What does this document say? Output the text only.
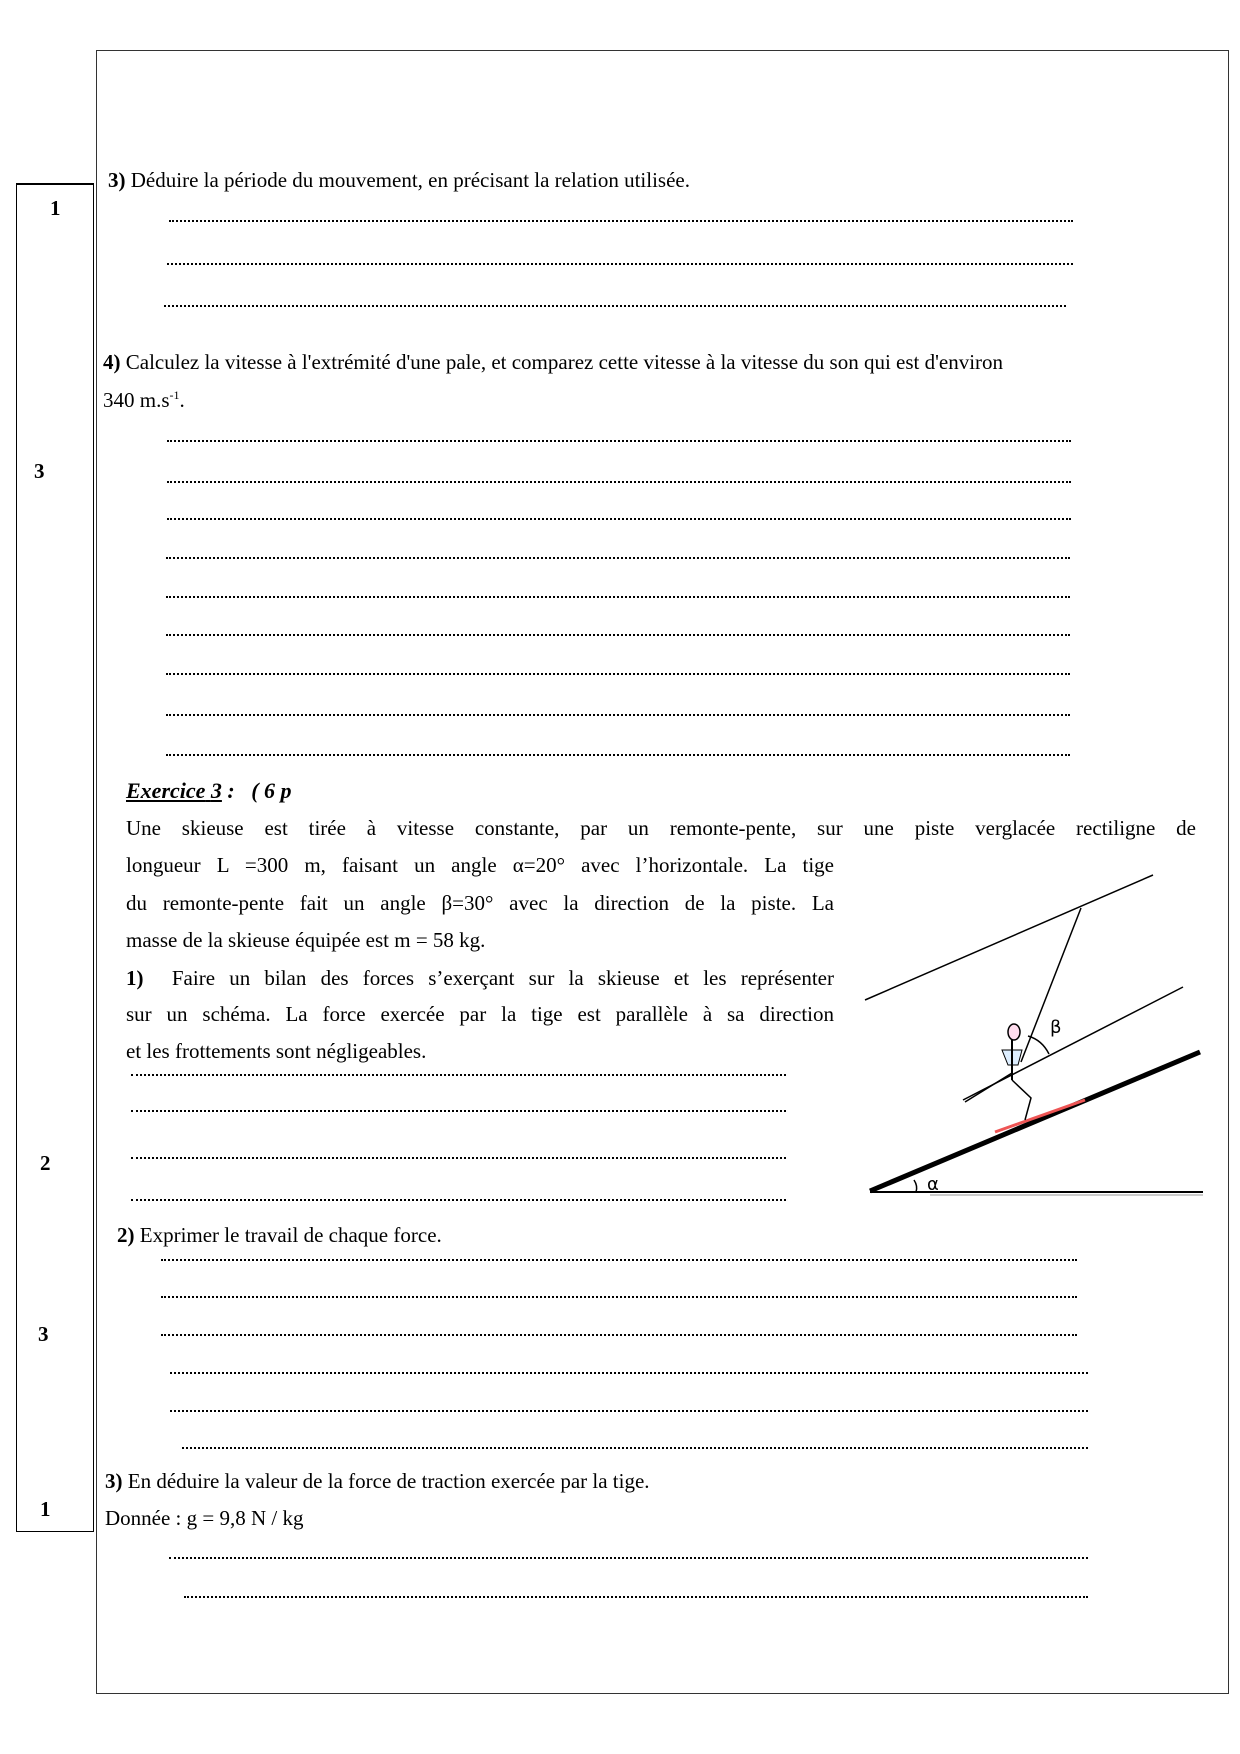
1
3
2
3
1
3) Déduire la période du mouvement, en précisant la relation utilisée.
4) Calculez la vitesse à l'extrémité d'une pale, et comparez cette vitesse à la vitesse du son qui est d'environ
340 $m.s^{-1}$.
Exercice 3 : ( 6 p
Une skieuse est tirée à vitesse constante, par un remonte-pente, sur une piste verglacée rectiligne de
longueur L =300 m, faisant un angle α=20° avec l’horizontale. La tige
du remonte-pente fait un angle β=30° avec la direction de la piste. La
masse de la skieuse équipée est m = 58 kg.
1) Faire un bilan des forces s’exerçant sur la skieuse et les représenter
sur un schéma. La force exercée par la tige est parallèle à sa direction
et les frottements sont négligeables.
β
α
2) Exprimer le travail de chaque force.
3) En déduire la valeur de la force de traction exercée par la tige.
Donnée : g = 9,8 N / kg
